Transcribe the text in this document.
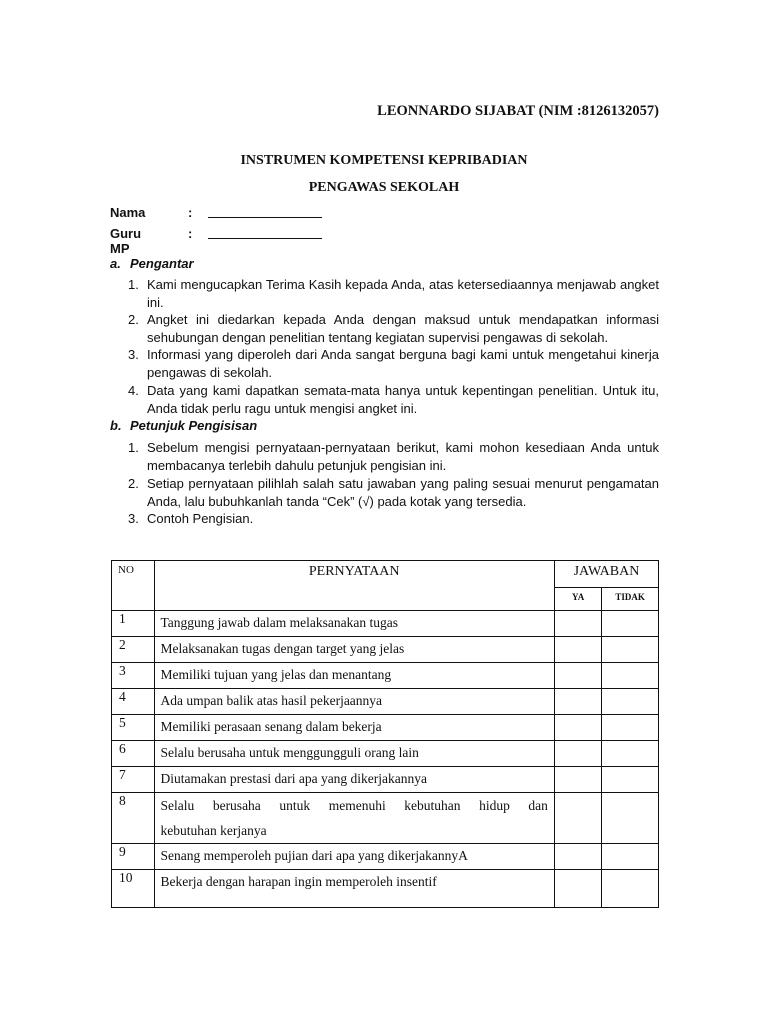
LEONNARDO SIJABAT (NIM :8126132057)
INSTRUMEN KOMPETENSI KEPRIBADIAN
PENGAWAS SEKOLAH
Nama	:
Guru MP
:
a. Pengantar
1. Kami mengucapkan Terima Kasih kepada Anda, atas ketersediaannya menjawab angket ini.
2. Angket ini diedarkan kepada Anda dengan maksud untuk mendapatkan informasi sehubungan dengan penelitian tentang kegiatan supervisi pengawas di sekolah.
3. Informasi yang diperoleh dari Anda sangat berguna bagi kami untuk mengetahui kinerja pengawas di sekolah.
4. Data yang kami dapatkan semata-mata hanya untuk kepentingan penelitian. Untuk itu, Anda tidak perlu ragu untuk mengisi angket ini.
b. Petunjuk Pengisisan
1. Sebelum mengisi pernyataan-pernyataan berikut, kami mohon kesediaan Anda untuk membacanya terlebih dahulu petunjuk pengisian ini.
2. Setiap pernyataan pilihlah salah satu jawaban yang paling sesuai menurut pengamatan Anda, lalu bubuhkanlah tanda “Cek” (√) pada kotak yang tersedia.
3. Contoh Pengisian.
NO	PERNYATAAN	JAWABAN	
		YA	TIDAK
1	Tanggung jawab dalam melaksanakan tugas		
2	Melaksanakan tugas dengan target yang jelas		
3	Memiliki tujuan yang jelas dan menantang		
4	Ada umpan balik atas hasil pekerjaannya		
5	Memiliki perasaan senang dalam bekerja		
6	Selalu berusaha untuk menggungguli orang lain		
7	Diutamakan prestasi dari apa yang dikerjakannya		
8	Selalu berusaha untuk memenuhi kebutuhan hidup dan
kebutuhan kerjanya		

9	Senang memperoleh pujian dari apa yang dikerjakannyA		
10	Bekerja dengan harapan ingin memperoleh insentif		
